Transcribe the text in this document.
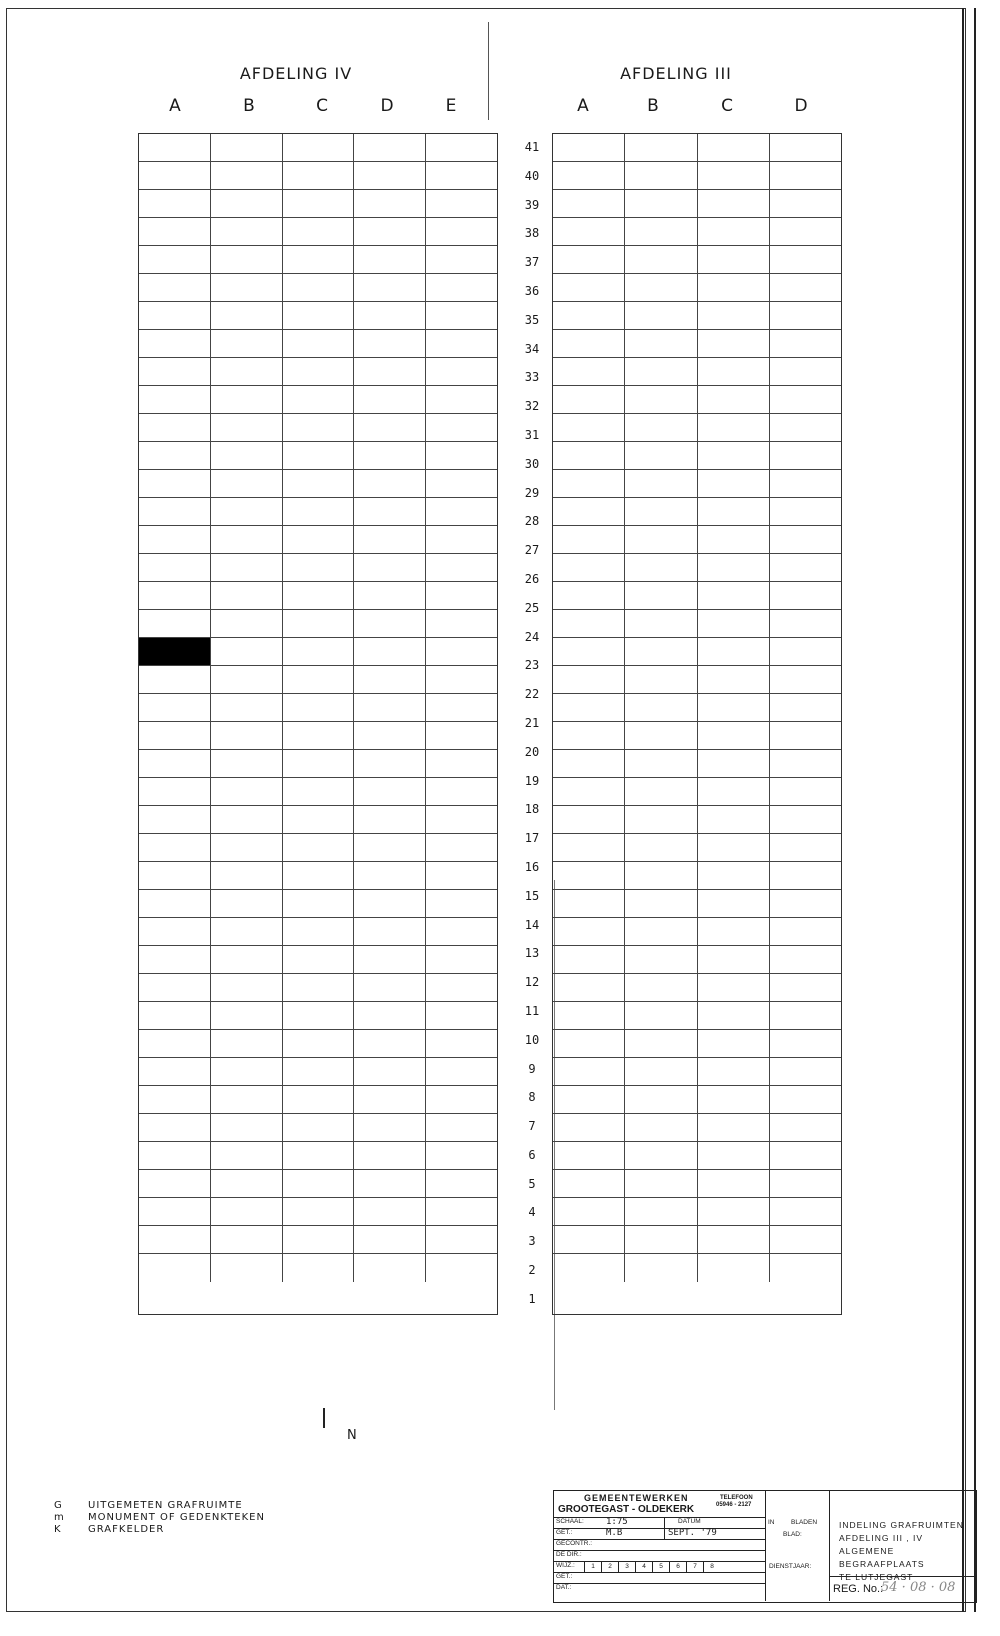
AFDELING IV	AFDELING III
A	B	C	D	E	A	B	C	D
41
40
39
38
37
36
35
34
33
32
31
30
29
28
27
26
25
24
23
22
21
20
19
18
17
16
15
14
13
12
11
10
9
8
7
6
5
4
3
2
1
N
G	UITGEMETEN GRAFRUIMTE
m	MONUMENT OF GEDENKTEKEN
K	GRAFKELDER
GEMEENTEWERKEN
GROOTEGAST - OLDEKERK
TELEFOON
05946 - 2127
SCHAAL: 1:75	DATUM
GET.:	M.B	SEPT. '79
GECONTR.:
DE DIR.:
WIJZ.:	1	2	3	4	5	6	7	8
GET.:
DAT.:
IN	BLADEN
BLAD:
DIENSTJAAR:
INDELING GRAFRUIMTEN
AFDELING III , IV
ALGEMENE BEGRAAFPLAATS
TE LUTJEGAST
REG. No.:
54 · 08 · 08
